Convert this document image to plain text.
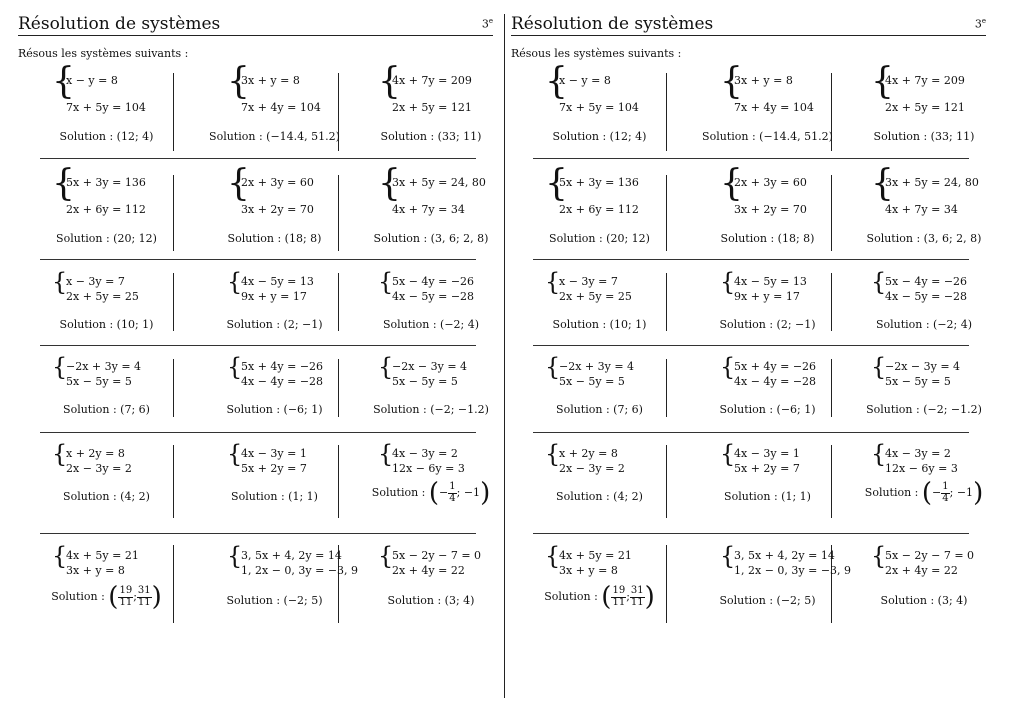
Résolution de systèmes	3e
Résous les systèmes suivants :
{
x − y = 8
7x + 5y = 104
Solution : (12; 4)
{
3x + y = 8
7x + 4y = 104
Solution : (−14.4, 51.2)
{
4x + 7y = 209
2x + 5y = 121
Solution : (33; 11)
{
5x + 3y = 136
2x + 6y = 112
Solution : (20; 12)
{
2x + 3y = 60
3x + 2y = 70
Solution : (18; 8)
{
3x + 5y = 24, 80
4x + 7y = 34
Solution : (3, 6; 2, 8)
{
x − 3y = 7
2x + 5y = 25
Solution : (10; 1)
{
4x − 5y = 13
9x + y = 17
Solution : (2; −1)
{
5x − 4y = −26
4x − 5y = −28
Solution : (−2; 4)
{
−2x + 3y = 4
5x − 5y = 5
Solution : (7; 6)
{
5x + 4y = −26
4x − 4y = −28
Solution : (−6; 1)
{
−2x − 3y = 4
5x − 5y = 5
Solution : (−2; −1.2)
{
x + 2y = 8
2x − 3y = 2
Solution : (4; 2)
{
4x − 3y = 1
5x + 2y = 7
Solution : (1; 1)
{
4x − 3y = 2
12x − 6y = 3
Solution : (− $\frac{1}{4}$ ; −1)
{
4x + 5y = 21
3x + y = 8
Solution : ( $\frac{19}{11}$ ; $\frac{31}{11}$ )
{
3, 5x + 4, 2y = 14
1, 2x − 0, 3y = −3, 9
Solution : (−2; 5)
{
5x − 2y − 7 = 0
2x + 4y = 22
Solution : (3; 4)
Résolution de systèmes	3e
Résous les systèmes suivants :
{
x − y = 8
7x + 5y = 104
Solution : (12; 4)
{
3x + y = 8
7x + 4y = 104
Solution : (−14.4, 51.2)
{
4x + 7y = 209
2x + 5y = 121
Solution : (33; 11)
{
5x + 3y = 136
2x + 6y = 112
Solution : (20; 12)
{
2x + 3y = 60
3x + 2y = 70
Solution : (18; 8)
{
3x + 5y = 24, 80
4x + 7y = 34
Solution : (3, 6; 2, 8)
{
x − 3y = 7
2x + 5y = 25
Solution : (10; 1)
{
4x − 5y = 13
9x + y = 17
Solution : (2; −1)
{
5x − 4y = −26
4x − 5y = −28
Solution : (−2; 4)
{
−2x + 3y = 4
5x − 5y = 5
Solution : (7; 6)
{
5x + 4y = −26
4x − 4y = −28
Solution : (−6; 1)
{
−2x − 3y = 4
5x − 5y = 5
Solution : (−2; −1.2)
{
x + 2y = 8
2x − 3y = 2
Solution : (4; 2)
{
4x − 3y = 1
5x + 2y = 7
Solution : (1; 1)
{
4x − 3y = 2
12x − 6y = 3
Solution : (− $\frac{1}{4}$ ; −1)
{
4x + 5y = 21
3x + y = 8
Solution : ( $\frac{19}{11}$ ; $\frac{31}{11}$ )
{
3, 5x + 4, 2y = 14
1, 2x − 0, 3y = −3, 9
Solution : (−2; 5)
{
5x − 2y − 7 = 0
2x + 4y = 22
Solution : (3; 4)
